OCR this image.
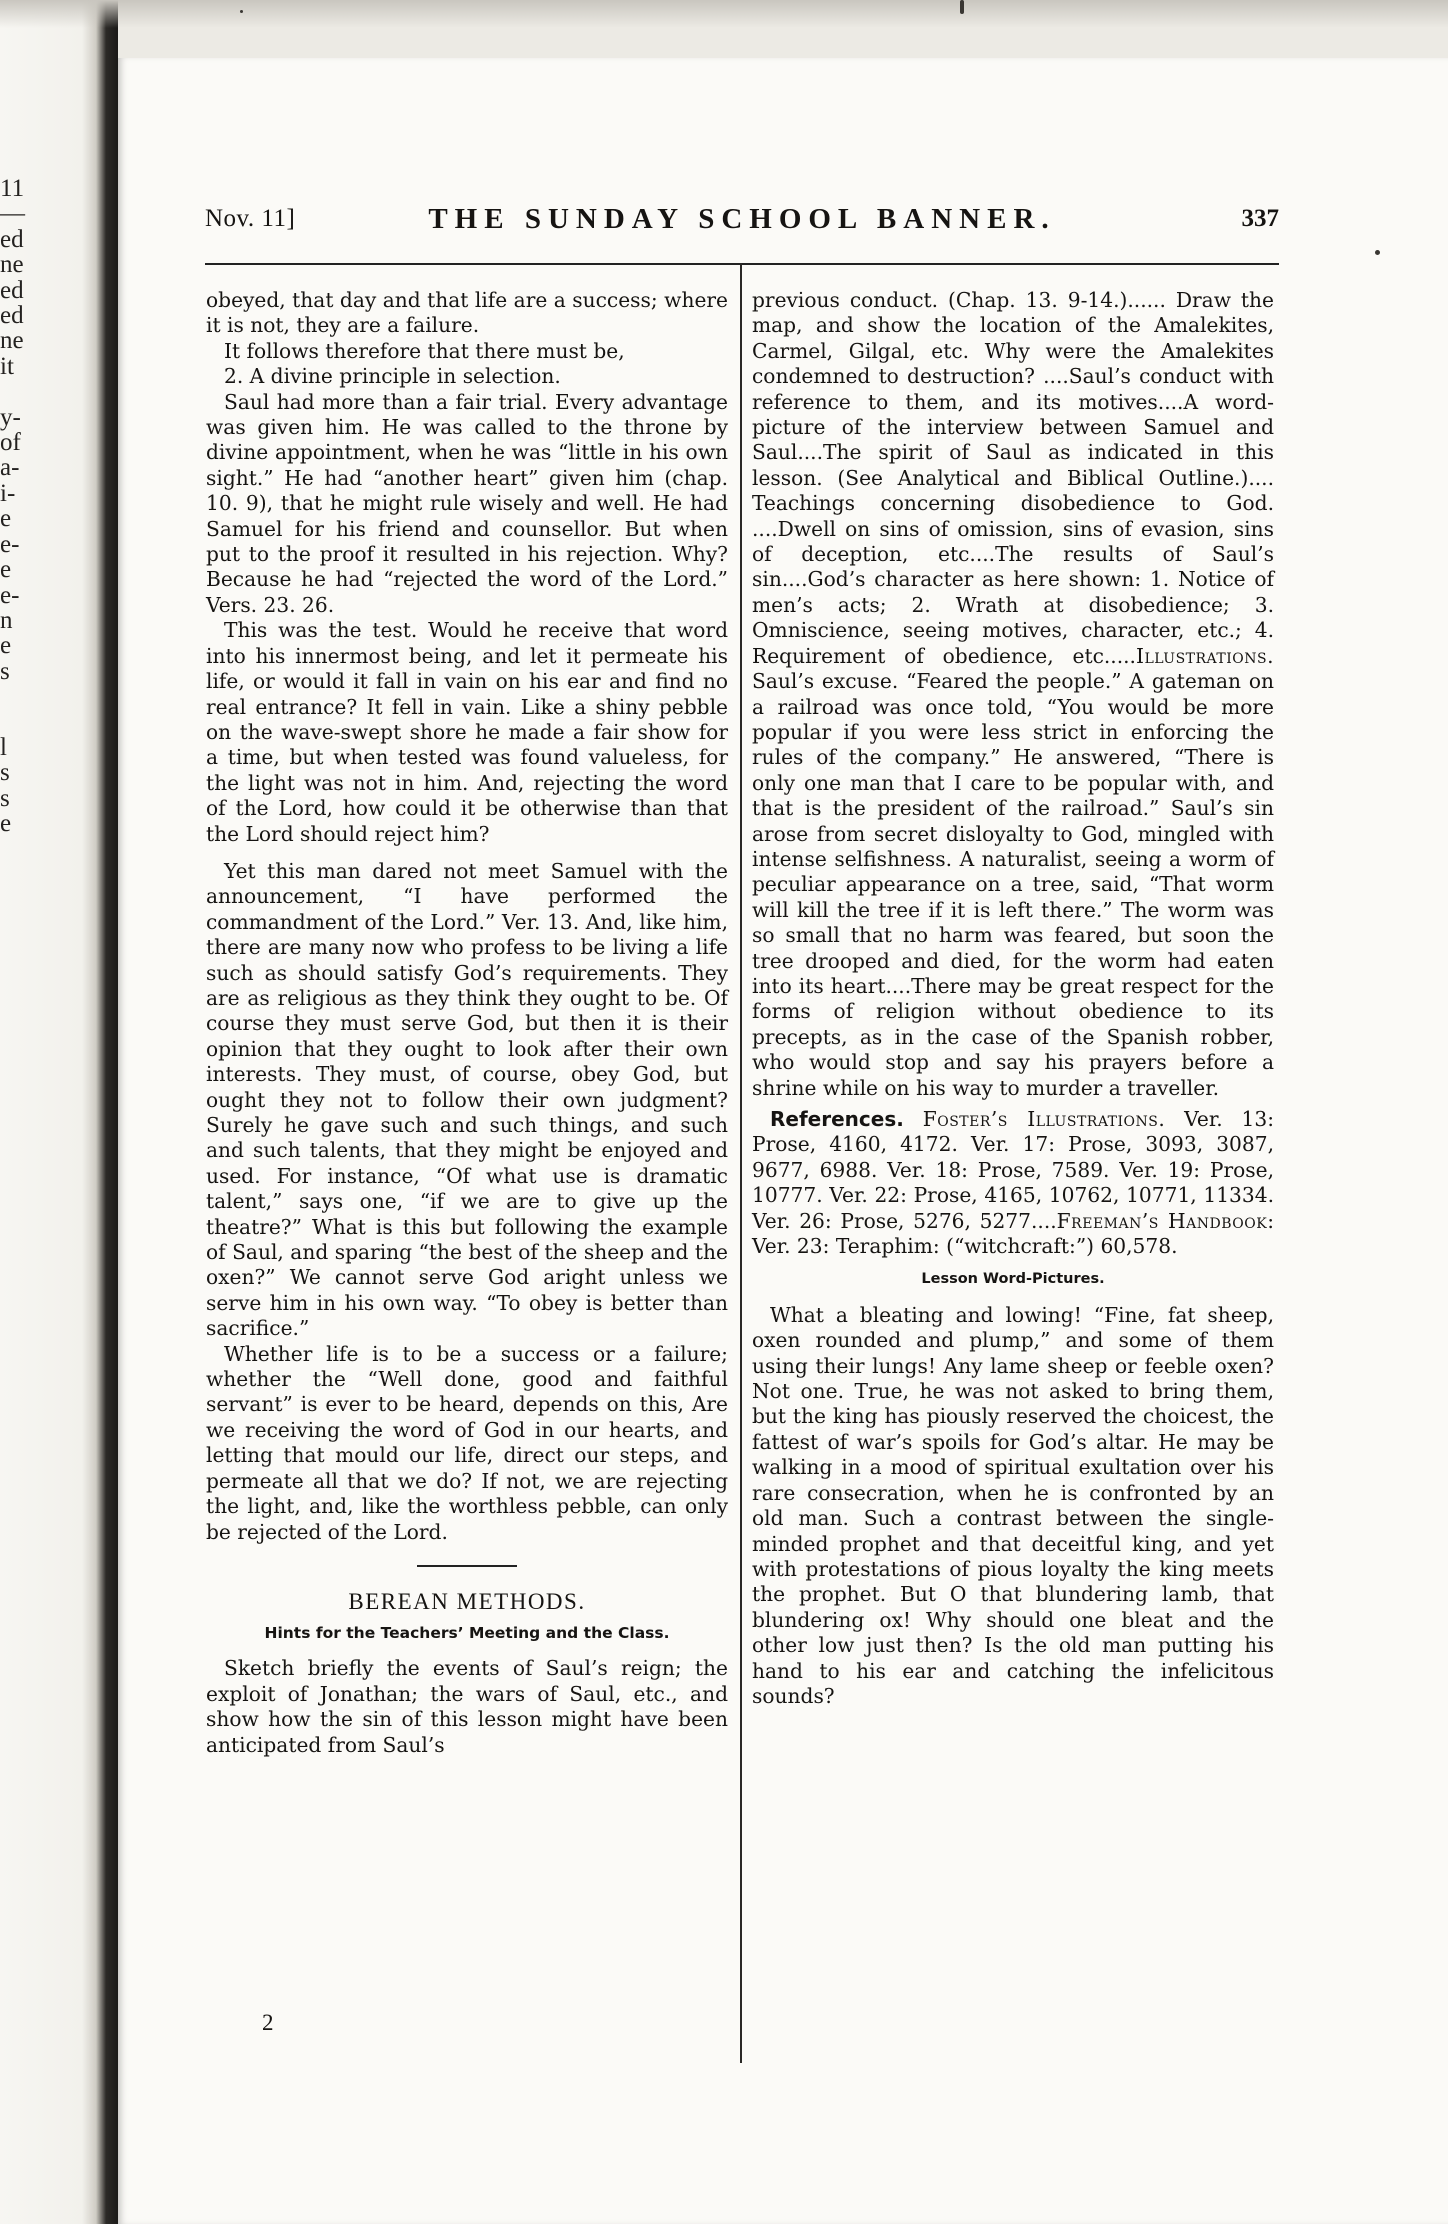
11
—
ed
ne
ed
ed
ne
it

y-
of
a-
i-
e
e-
e
e-
n
e
s

l
s
s
e
Nov. 11]	THE SUNDAY SCHOOL BANNER.	337

obeyed, that day and that life are a success; where it is not, they are a failure.

It follows therefore that there must be,

2. A divine principle in selection.

Saul had more than a fair trial. Every advantage was given him. He was called to the throne by divine appointment, when he was “little in his own sight.” He had “another heart” given him (chap. 10. 9), that he might rule wisely and well. He had Samuel for his friend and counsellor. But when put to the proof it resulted in his rejection. Why? Because he had “rejected the word of the Lord.” Vers. 23. 26.

This was the test. Would he receive that word into his innermost being, and let it permeate his life, or would it fall in vain on his ear and find no real entrance? It fell in vain. Like a shiny pebble on the wave-swept shore he made a fair show for a time, but when tested was found valueless, for the light was not in him. And, rejecting the word of the Lord, how could it be otherwise than that the Lord should reject him?

Yet this man dared not meet Samuel with the announcement, “I have performed the commandment of the Lord.” Ver. 13. And, like him, there are many now who profess to be living a life such as should satisfy God’s requirements. They are as religious as they think they ought to be. Of course they must serve God, but then it is their opinion that they ought to look after their own interests. They must, of course, obey God, but ought they not to follow their own judgment? Surely he gave such and such things, and such and such talents, that they might be enjoyed and used. For instance, “Of what use is dramatic talent,” says one, “if we are to give up the theatre?” What is this but following the example of Saul, and sparing “the best of the sheep and the oxen?” We cannot serve God aright unless we serve him in his own way. “To obey is better than sacrifice.”

Whether life is to be a success or a failure; whether the “Well done, good and faithful servant” is ever to be heard, depends on this, Are we receiving the word of God in our hearts, and letting that mould our life, direct our steps, and permeate all that we do? If not, we are rejecting the light, and, like the worthless pebble, can only be rejected of the Lord.

BEREAN METHODS.
Hints for the Teachers’ Meeting and the Class.

Sketch briefly the events of Saul’s reign; the exploit of Jonathan; the wars of Saul, etc., and show how the sin of this lesson might have been anticipated from Saul’s

2

previous conduct. (Chap. 13. 9-14.)...... Draw the map, and show the location of the Amalekites, Carmel, Gilgal, etc. Why were the Amalekites condemned to destruction? ....Saul’s conduct with reference to them, and its motives....A word-picture of the interview between Samuel and Saul....The spirit of Saul as indicated in this lesson. (See Analytical and Biblical Outline.).... Teachings concerning disobedience to God. ....Dwell on sins of omission, sins of evasion, sins of deception, etc....The results of Saul’s sin....God’s character as here shown: 1. Notice of men’s acts; 2. Wrath at disobedience; 3. Omniscience, seeing motives, character, etc.; 4. Requirement of obedience, etc.....Illustrations. Saul’s excuse. “Feared the people.” A gateman on a railroad was once told, “You would be more popular if you were less strict in enforcing the rules of the company.” He answered, “There is only one man that I care to be popular with, and that is the president of the railroad.” Saul’s sin arose from secret disloyalty to God, mingled with intense selfishness. A naturalist, seeing a worm of peculiar appearance on a tree, said, “That worm will kill the tree if it is left there.” The worm was so small that no harm was feared, but soon the tree drooped and died, for the worm had eaten into its heart....There may be great respect for the forms of religion without obedience to its precepts, as in the case of the Spanish robber, who would stop and say his prayers before a shrine while on his way to murder a traveller.

References. Foster’s Illustrations. Ver. 13: Prose, 4160, 4172. Ver. 17: Prose, 3093, 3087, 9677, 6988. Ver. 18: Prose, 7589. Ver. 19: Prose, 10777. Ver. 22: Prose, 4165, 10762, 10771, 11334. Ver. 26: Prose, 5276, 5277....Freeman’s Handbook: Ver. 23: Teraphim: (“witchcraft:”) 60,578.

Lesson Word-Pictures.

What a bleating and lowing! “Fine, fat sheep, oxen rounded and plump,” and some of them using their lungs! Any lame sheep or feeble oxen? Not one. True, he was not asked to bring them, but the king has piously reserved the choicest, the fattest of war’s spoils for God’s altar. He may be walking in a mood of spiritual exultation over his rare consecration, when he is confronted by an old man. Such a contrast between the single-minded prophet and that deceitful king, and yet with protestations of pious loyalty the king meets the prophet. But O that blundering lamb, that blundering ox! Why should one bleat and the other low just then? Is the old man putting his hand to his ear and catching the infelicitous sounds?
